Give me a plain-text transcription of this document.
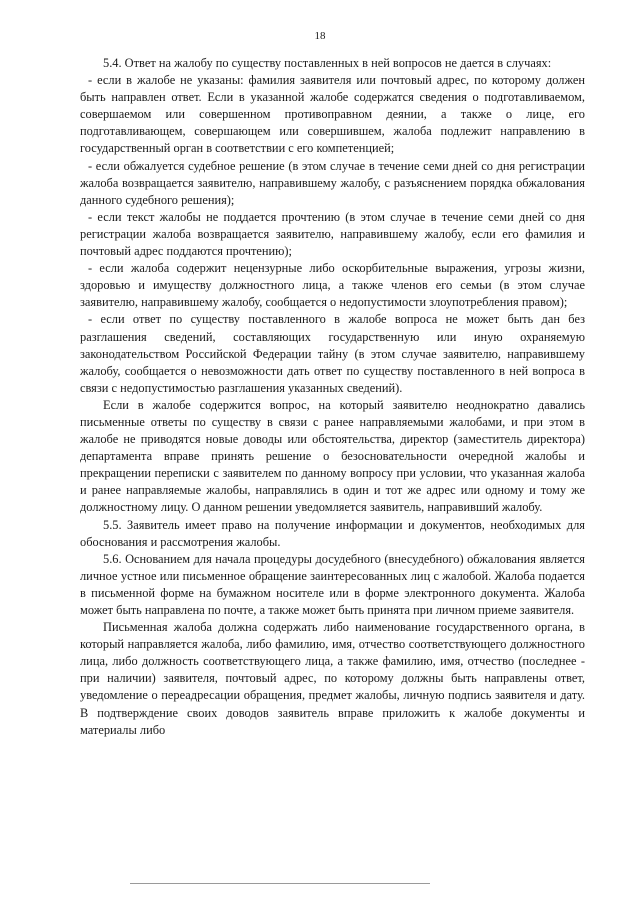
18

5.4. Ответ на жалобу по существу поставленных в ней вопросов не дается в случаях:

- если в жалобе не указаны: фамилия заявителя или почтовый адрес, по которому должен быть направлен ответ. Если в указанной жалобе содержатся сведения о подготавливаемом, совершаемом или совершенном противоправном деянии, а также о лице, его подготавливающем, совершающем или совершившем, жалоба подлежит направлению в государственный орган в соответствии с его компетенцией;

- если обжалуется судебное решение (в этом случае в течение семи дней со дня регистрации жалоба возвращается заявителю, направившему жалобу, с разъяснением порядка обжалования данного судебного решения);

- если текст жалобы не поддается прочтению (в этом случае в течение семи дней со дня регистрации жалоба возвращается заявителю, направившему жалобу, если его фамилия и почтовый адрес поддаются прочтению);

- если жалоба содержит нецензурные либо оскорбительные выражения, угрозы жизни, здоровью и имуществу должностного лица, а также членов его семьи (в этом случае заявителю, направившему жалобу, сообщается о недопустимости злоупотребления правом);

- если ответ по существу поставленного в жалобе вопроса не может быть дан без разглашения сведений, составляющих государственную или иную охраняемую законодательством Российской Федерации тайну (в этом случае заявителю, направившему жалобу, сообщается о невозможности дать ответ по существу поставленного в ней вопроса в связи с недопустимостью разглашения указанных сведений).

Если в жалобе содержится вопрос, на который заявителю неоднократно давались письменные ответы по существу в связи с ранее направляемыми жалобами, и при этом в жалобе не приводятся новые доводы или обстоятельства, директор (заместитель директора) департамента вправе принять решение о безосновательности очередной жалобы и прекращении переписки с заявителем по данному вопросу при условии, что указанная жалоба и ранее направляемые жалобы, направлялись в один и тот же адрес или одному и тому же должностному лицу. О данном решении уведомляется заявитель, направивший жалобу.

5.5. Заявитель имеет право на получение информации и документов, необходимых для обоснования и рассмотрения жалобы.

5.6. Основанием для начала процедуры досудебного (внесудебного) обжалования является личное устное или письменное обращение заинтересованных лиц с жалобой. Жалоба подается в письменной форме на бумажном носителе или в форме электронного документа. Жалоба может быть направлена по почте, а также может быть принята при личном приеме заявителя.

Письменная жалоба должна содержать либо наименование государственного органа, в который направляется жалоба, либо фамилию, имя, отчество соответствующего должностного лица, либо должность соответствующего лица, а также фамилию, имя, отчество (последнее - при наличии) заявителя, почтовый адрес, по которому должны быть направлены ответ, уведомление о переадресации обращения, предмет жалобы, личную подпись заявителя и дату. В подтверждение своих доводов заявитель вправе приложить к жалобе документы и материалы либо
